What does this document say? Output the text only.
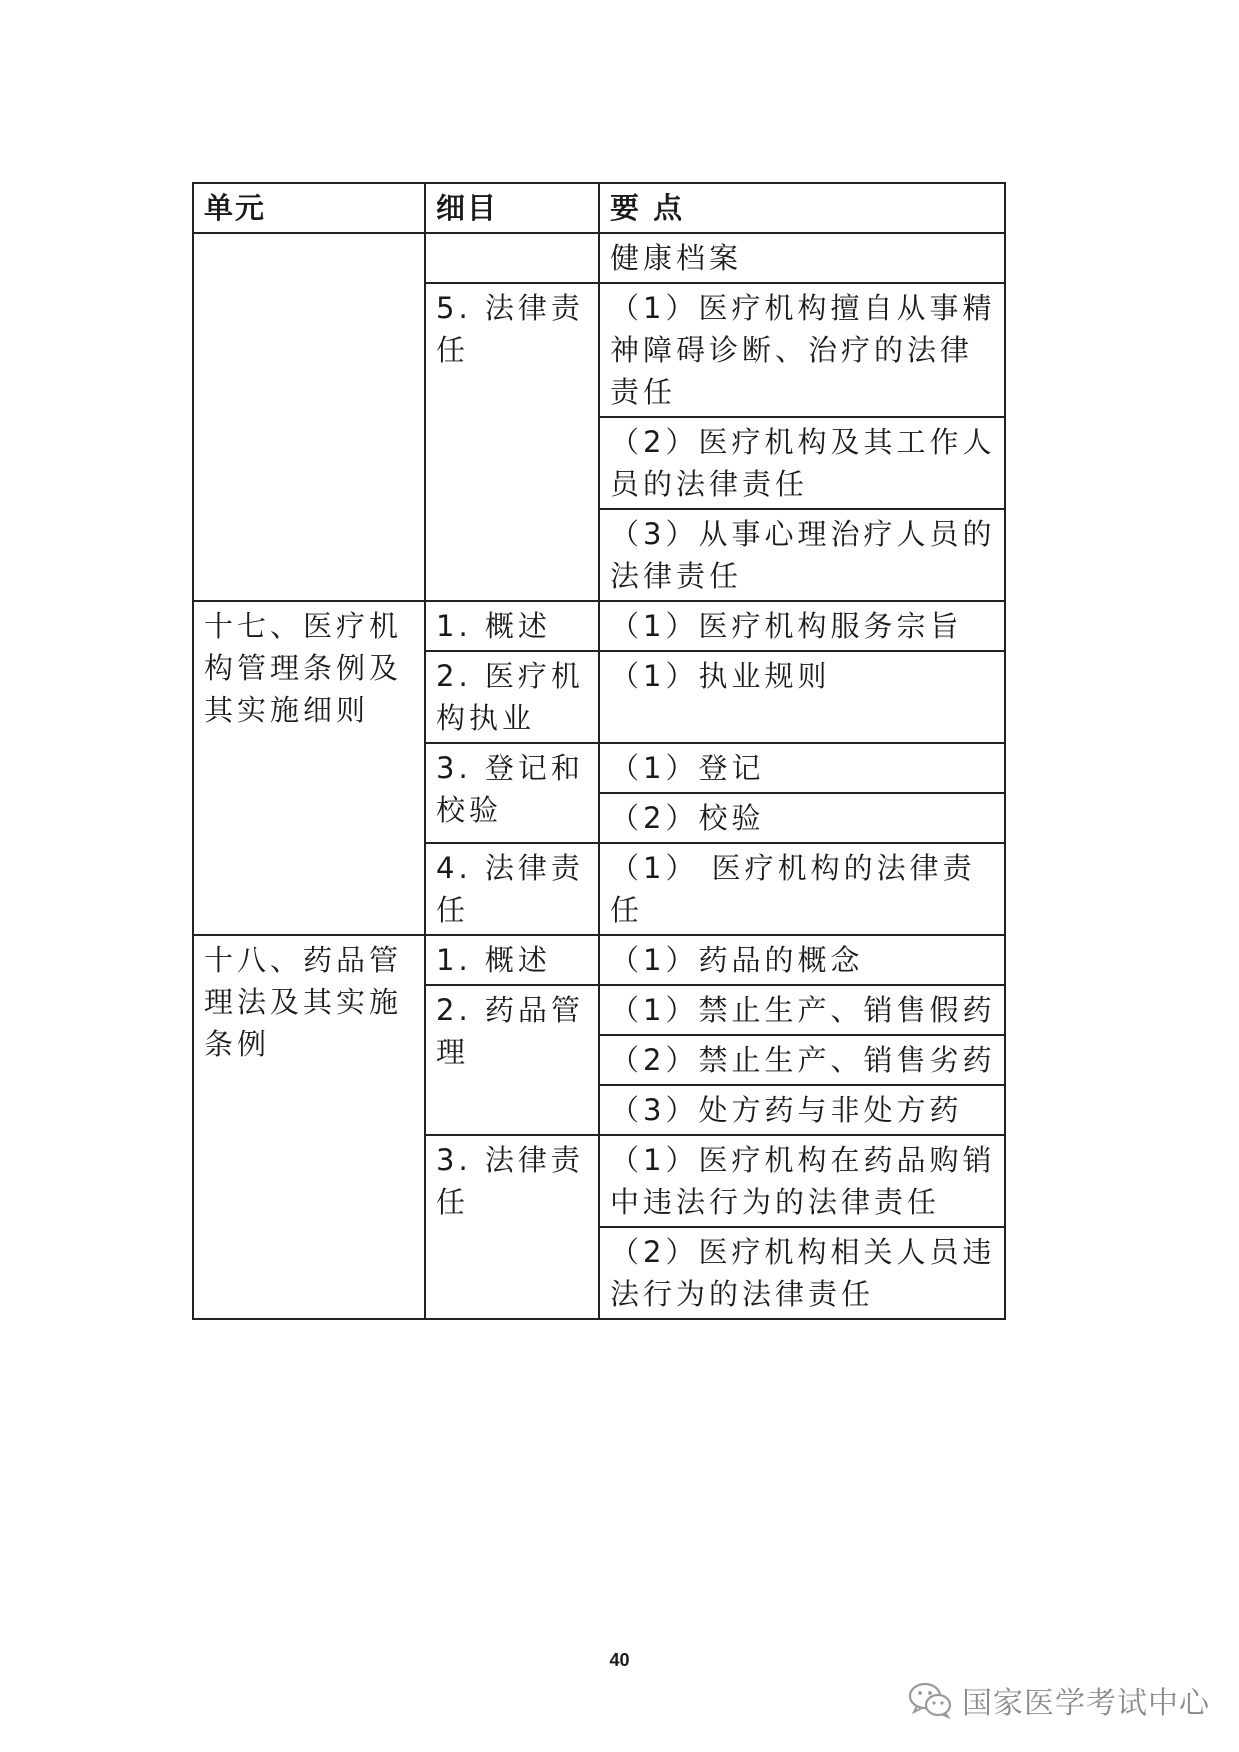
单元	细目	要 点
		健康档案
	5. 法律责任	（1）医疗机构擅自从事精神障碍诊断、治疗的法律责任
		（2）医疗机构及其工作人员的法律责任
		（3）从事心理治疗人员的法律责任
十七、医疗机构管理条例及其实施细则	1. 概述	（1）医疗机构服务宗旨
	2. 医疗机构执业	（1）执业规则
	3. 登记和校验	（1）登记
		（2）校验
	4. 法律责任	（1） 医疗机构的法律责任
十八、药品管理法及其实施条例	1. 概述	（1）药品的概念
	2. 药品管理	（1）禁止生产、销售假药
		（2）禁止生产、销售劣药
		（3）处方药与非处方药
	3. 法律责任	（1）医疗机构在药品购销中违法行为的法律责任
		（2）医疗机构相关人员违法行为的法律责任
40
国家医学考试中心
